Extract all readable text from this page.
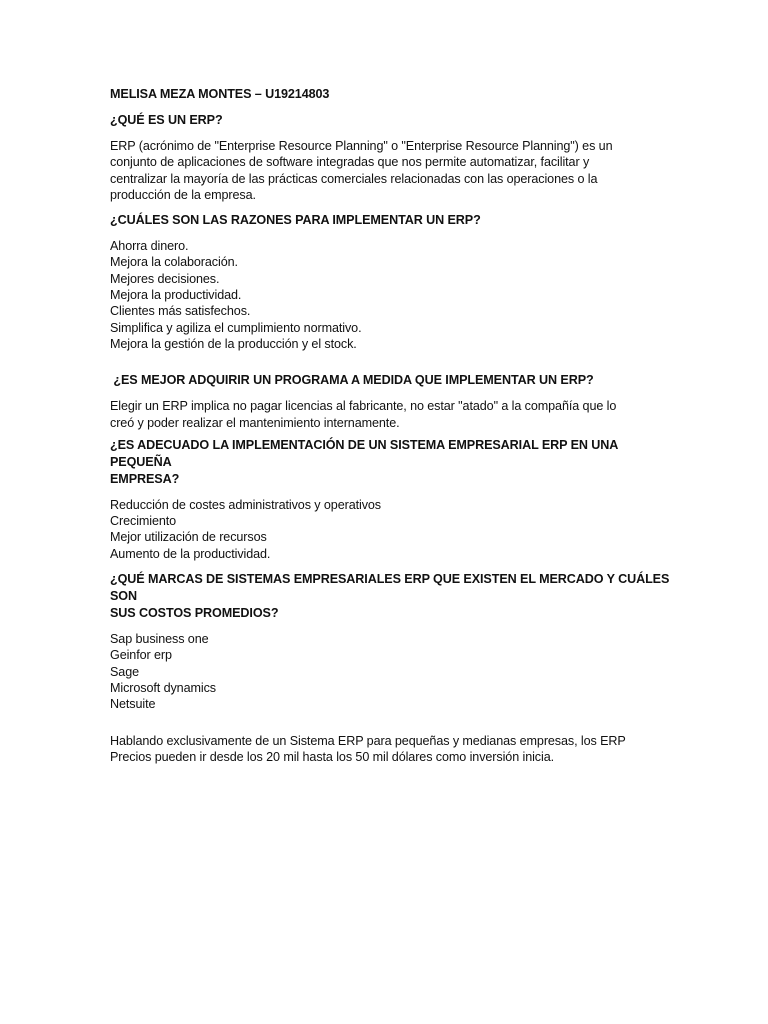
MELISA MEZA MONTES – U19214803

¿QUÉ ES UN ERP?

ERP (acrónimo de "Enterprise Resource Planning" o "Enterprise Resource Planning") es un

conjunto de aplicaciones de software integradas que nos permite automatizar, facilitar y

centralizar la mayoría de las prácticas comerciales relacionadas con las operaciones o la

producción de la empresa.

¿CUÁLES SON LAS RAZONES PARA IMPLEMENTAR UN ERP?

Ahorra dinero.
Mejora la colaboración.
Mejores decisiones.
Mejora la productividad.
Clientes más satisfechos.
Simplifica y agiliza el cumplimiento normativo.
Mejora la gestión de la producción y el stock.

¿ES MEJOR ADQUIRIR UN PROGRAMA A MEDIDA QUE IMPLEMENTAR UN ERP?

Elegir un ERP implica no pagar licencias al fabricante, no estar "atado" a la compañía que lo

creó y poder realizar el mantenimiento internamente.

¿ES ADECUADO LA IMPLEMENTACIÓN DE UN SISTEMA EMPRESARIAL ERP EN UNA PEQUEÑA

EMPRESA?

Reducción de costes administrativos y operativos
Crecimiento
Mejor utilización de recursos
Aumento de la productividad.

¿QUÉ MARCAS DE SISTEMAS EMPRESARIALES ERP QUE EXISTEN EL MERCADO Y CUÁLES SON

SUS COSTOS PROMEDIOS?

Sap business one
Geinfor erp
Sage
Microsoft dynamics
Netsuite

Hablando exclusivamente de un Sistema ERP para pequeñas y medianas empresas, los ERP

Precios pueden ir desde los 20 mil hasta los 50 mil dólares como inversión inicia.
